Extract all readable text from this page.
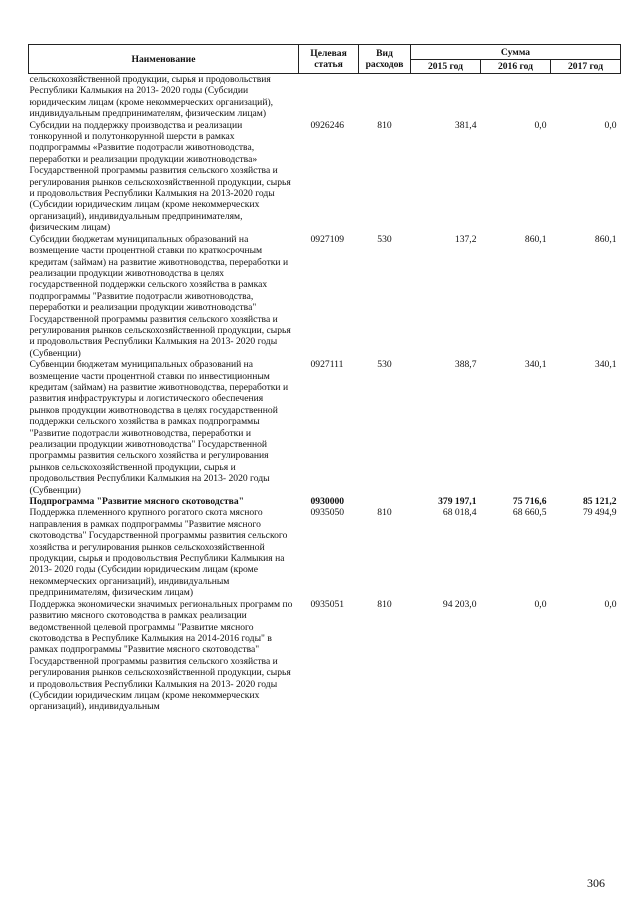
Наименование	Целевая статья	Вид расходов	Сумма		
			2015 год	2016 год	2017 год
сельскохозяйственной продукции, сырья и продовольствия Республики Калмыкия на 2013- 2020 годы (Субсидии юридическим лицам (кроме некоммерческих организаций), индивидуальным предпринимателям, физическим лицам)					
Субсидии на поддержку производства и реализации тонкорунной и полутонкорунной шерсти в рамках подпрограммы «Развитие подотрасли животноводства, переработки и реализации продукции животноводства» Государственной программы развития сельского хозяйства и регулирования рынков сельскохозяйственной продукции, сырья и продовольствия Республики Калмыкия на 2013-2020 годы (Субсидии юридическим лицам (кроме некоммерческих организаций), индивидуальным предпринимателям, физическим лицам)	0926246	810	381,4	0,0	0,0
Субсидии бюджетам муниципальных образований на возмещение части процентной ставки по краткосрочным кредитам (займам) на развитие животноводства, переработки и реализации продукции животноводства в целях государственной поддержки сельского хозяйства в рамках подпрограммы "Развитие подотрасли животноводства, переработки и реализации продукции животноводства" Государственной программы развития сельского хозяйства и регулирования рынков сельскохозяйственной продукции, сырья и продовольствия Республики Калмыкия на 2013- 2020 годы (Субвенции)	0927109	530	137,2	860,1	860,1
Субвенции бюджетам муниципальных образований на возмещение части процентной ставки по инвестиционным кредитам (займам) на развитие животноводства, переработки и развития инфраструктуры и логистического обеспечения рынков продукции животноводства в целях государственной поддержки сельского хозяйства в рамках подпрограммы "Развитие подотрасли животноводства, переработки и реализации продукции животноводства" Государственной программы развития сельского хозяйства и регулирования рынков сельскохозяйственной продукции, сырья и продовольствия Республики Калмыкия на 2013- 2020 годы (Субвенции)	0927111	530	388,7	340,1	340,1
Подпрограмма "Развитие мясного скотоводства"	0930000		379 197,1	75 716,6	85 121,2
Поддержка племенного крупного рогатого скота мясного направления в рамках подпрограммы "Развитие мясного скотоводства" Государственной программы развития сельского хозяйства и регулирования рынков сельскохозяйственной продукции, сырья и продовольствия Республики Калмыкия на 2013- 2020 годы (Субсидии юридическим лицам (кроме некоммерческих организаций), индивидуальным предпринимателям, физическим лицам)	0935050	810	68 018,4	68 660,5	79 494,9
Поддержка экономически значимых региональных программ по развитию мясного скотоводства в рамках реализации ведомственной целевой программы "Развитие мясного скотоводства в Республике Калмыкия на 2014-2016 годы" в рамках подпрограммы "Развитие мясного скотоводства" Государственной программы развития сельского хозяйства и регулирования рынков сельскохозяйственной продукции, сырья и продовольствия Республики Калмыкия на 2013- 2020 годы (Субсидии юридическим лицам (кроме некоммерческих организаций), индивидуальным	0935051	810	94 203,0	0,0	0,0
306
